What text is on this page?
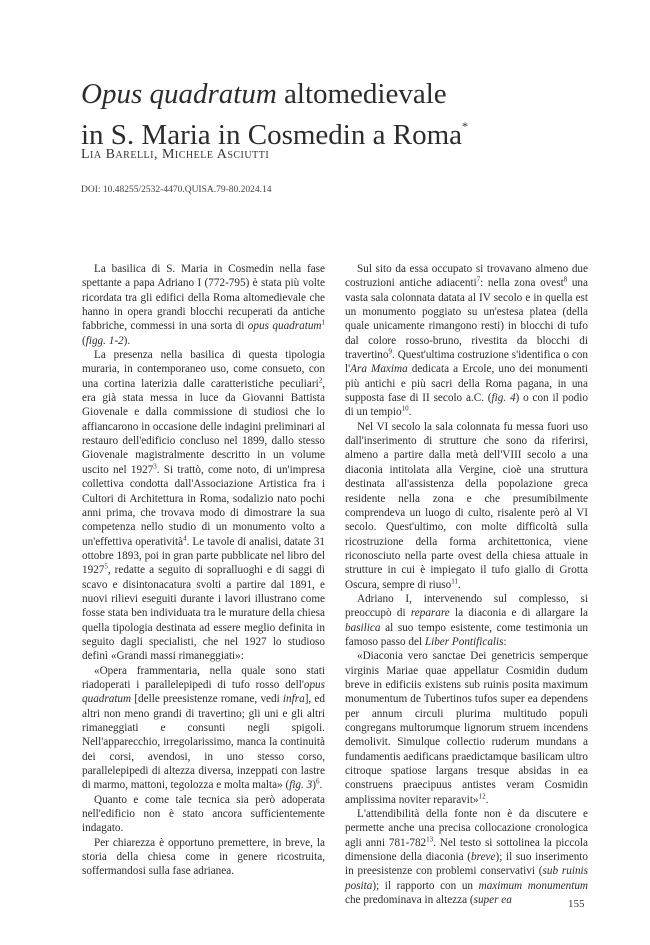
Opus quadratum altomedievale
in S. Maria in Cosmedin a Roma*
Lia Barelli, Michele Asciutti
DOI: 10.48255/2532-4470.QUISA.79-80.2024.14

La basilica di S. Maria in Cosmedin nella fase spettante a papa Adriano I (772-795) è stata più volte ricordata tra gli edifici della Roma altomedievale che hanno in opera grandi blocchi recuperati da antiche fabbriche, commessi in una sorta di opus quadratum$^1$ (figg. 1-2).

La presenza nella basilica di questa tipologia muraria, in contemporaneo uso, come consueto, con una cortina laterizia dalle caratteristiche peculiari$^2$, era già stata messa in luce da Giovanni Battista Giovenale e dalla commissione di studiosi che lo affiancarono in occasione delle indagini preliminari al restauro dell'edificio concluso nel 1899, dallo stesso Giovenale magistralmente descritto in un volume uscito nel 1927$^3$. Si trattò, come noto, di un'impresa collettiva condotta dall'Associazione Artistica fra i Cultori di Architettura in Roma, sodalizio nato pochi anni prima, che trovava modo di dimostrare la sua competenza nello studio di un monumento volto a un'effettiva operatività$^4$. Le tavole di analisi, datate 31 ottobre 1893, poi in gran parte pubblicate nel libro del 1927$^5$, redatte a seguito di sopralluoghi e di saggi di scavo e disintonacatura svolti a partire dal 1891, e nuovi rilievi eseguiti durante i lavori illustrano come fosse stata ben individuata tra le murature della chiesa quella tipologia destinata ad essere meglio definita in seguito dagli specialisti, che nel 1927 lo studioso definì «Grandi massi rimaneggiati»:

«Opera frammentaria, nella quale sono stati riadoperati i parallelepipedi di tufo rosso dell'opus quadratum [delle preesistenze romane, vedi infra], ed altri non meno grandi di travertino; gli uni e gli altri rimaneggiati e consunti negli spigoli. Nell'apparecchio, irregolarissimo, manca la continuità dei corsi, avendosi, in uno stesso corso, parallelepipedi di altezza diversa, inzeppati con lastre di marmo, mattoni, tegolozza e molta malta» (fig. 3)$^6$.

Quanto e come tale tecnica sia però adoperata nell'edificio non è stato ancora sufficientemente indagato.

Per chiarezza è opportuno premettere, in breve, la storia della chiesa come in genere ricostruita, soffermandosi sulla fase adrianea.

Sul sito da essa occupato si trovavano almeno due costruzioni antiche adiacenti$^7$: nella zona ovest$^8$ una vasta sala colonnata datata al IV secolo e in quella est un monumento poggiato su un'estesa platea (della quale unicamente rimangono resti) in blocchi di tufo dal colore rosso-bruno, rivestita da blocchi di travertino$^9$. Quest'ultima costruzione s'identifica o con l'Ara Maxima dedicata a Ercole, uno dei monumenti più antichi e più sacri della Roma pagana, in una supposta fase di II secolo a.C. (fig. 4) o con il podio di un tempio$^{10}$.

Nel VI secolo la sala colonnata fu messa fuori uso dall'inserimento di strutture che sono da riferirsi, almeno a partire dalla metà dell'VIII secolo a una diaconia intitolata alla Vergine, cioè una struttura destinata all'assistenza della popolazione greca residente nella zona e che presumibilmente comprendeva un luogo di culto, risalente però al VI secolo. Quest'ultimo, con molte difficoltà sulla ricostruzione della forma architettonica, viene riconosciuto nella parte ovest della chiesa attuale in strutture in cui è impiegato il tufo giallo di Grotta Oscura, sempre di riuso$^{11}$.

Adriano I, intervenendo sul complesso, si preoccupò di reparare la diaconia e di allargare la basilica al suo tempo esistente, come testimonia un famoso passo del Liber Pontificalis:

«Diaconia vero sanctae Dei genetricis semperque virginis Mariae quae appellatur Cosmidin dudum breve in edificiis existens sub ruinis posita maximum monumentum de Tubertinos tufos super ea dependens per annum circuli plurima multitudo populi congregans multorumque lignorum struem incendens demolivit. Simulque collectio ruderum mundans a fundamentis aedificans praedictamque basilicam ultro citroque spatiose largans tresque absidas in ea construens praecipuus antistes veram Cosmidin amplissima noviter reparavit»$^{12}$.

L'attendibilità della fonte non è da discutere e permette anche una precisa collocazione cronologica agli anni $781-782^{13}$. Nel testo si sottolinea la piccola dimensione della diaconia (breve); il suo inserimento in preesistenze con problemi conservativi (sub ruinis posita); il rapporto con un maximum monumentum che predominava in altezza (super ea	155
